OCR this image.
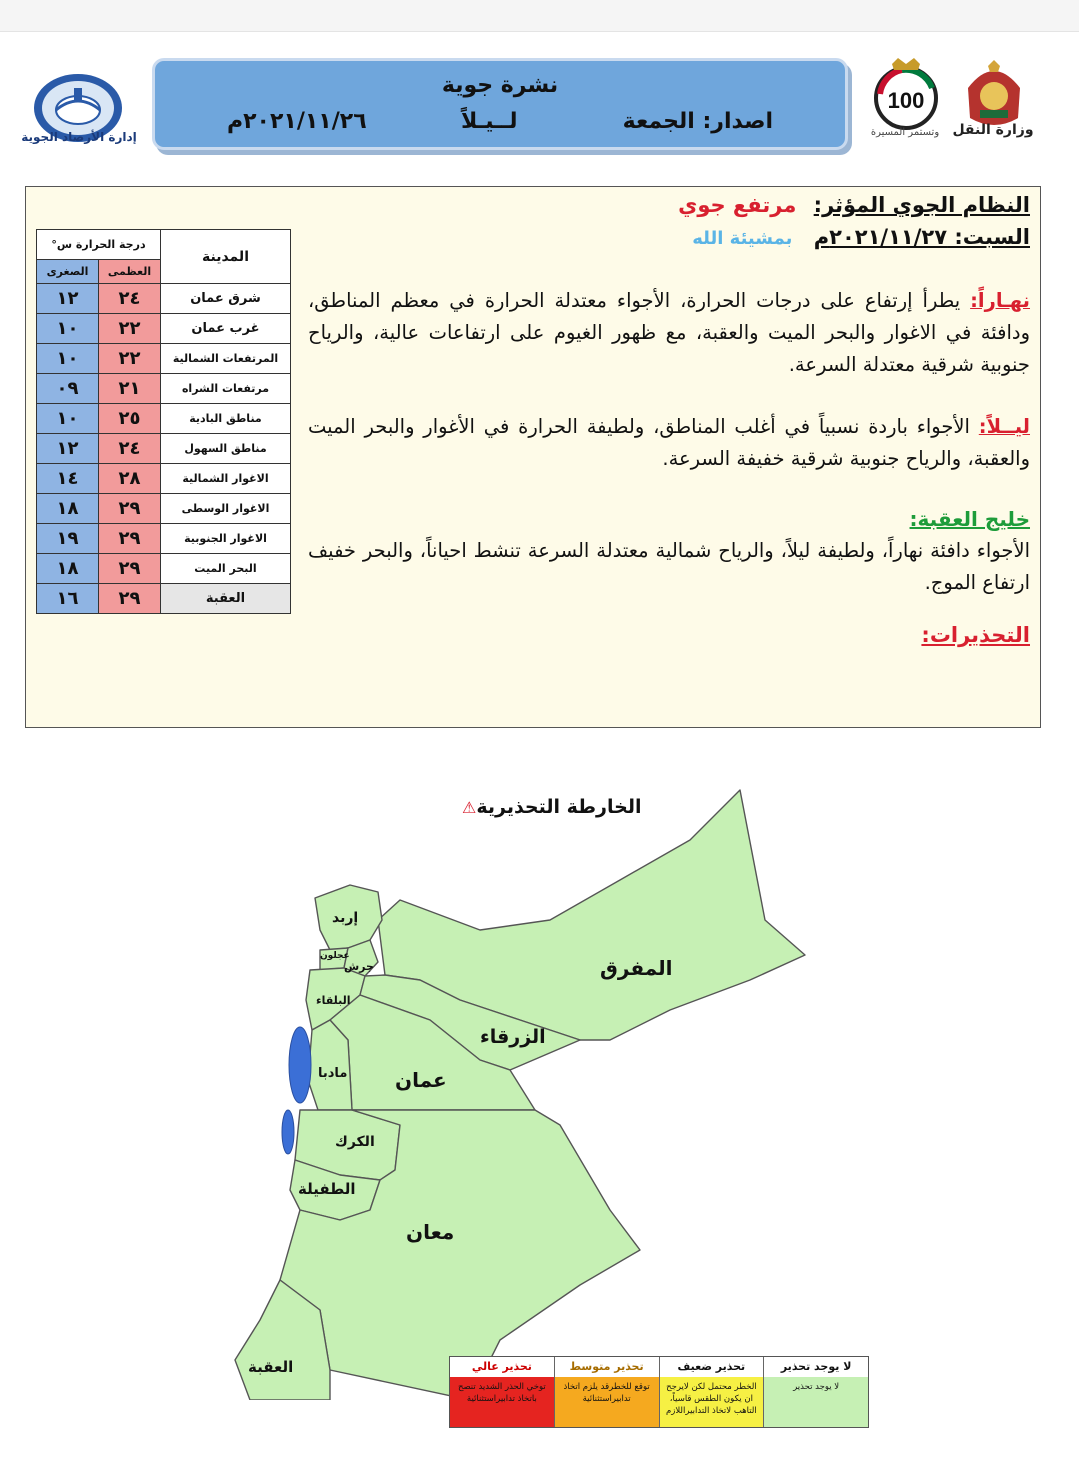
إدارة الأرصاد الجوية
100
وتستمر المسيرة وزارة النقل
نشرة جوية
اصدار: الجمعة
لــيـلاً
٢٠٢١/١١/٢٦م
النظام الجوي المؤثر: مرتفع جوي
السبت: ٢٠٢١/١١/٢٧م بمشيئة الله
نهـاراً: يطرأ إرتفاع على درجات الحرارة، الأجواء معتدلة الحرارة في معظم المناطق، ودافئة في الاغوار والبحر الميت والعقبة، مع ظهور الغيوم على ارتفاعات عالية، والرياح جنوبية شرقية معتدلة السرعة.
ليــلاً: الأجواء باردة نسبياً في أغلب المناطق، ولطيفة الحرارة في الأغوار والبحر الميت والعقبة، والرياح جنوبية شرقية خفيفة السرعة.
خليج العقبة:
الأجواء دافئة نهاراً، ولطيفة ليلاً، والرياح شمالية معتدلة السرعة تنشط احياناً، والبحر خفيف ارتفاع الموج.
التحذيرات:
المدينة	درجة الحرارة س°	
	العظمى	الصغرى
شرق عمان	٢٤	١٢
غرب عمان	٢٢	١٠
المرتفعات الشمالية	٢٢	١٠
مرتفعات الشراه	٢١	٠٩
مناطق البادية	٢٥	١٠
مناطق السهول	٢٤	١٢
الاغوار الشمالية	٢٨	١٤
الاغوار الوسطى	٢٩	١٨
الاغوار الجنوبية	٢٩	١٩
البحر الميت	٢٩	١٨
العقبة	٢٩	١٦
الخارطة التحذيرية⚠
إربد
عجلون
جرش
البلقاء
المفرق
الزرقاء
مادبا عمان
الكرك
الطفيلة
معان
العقبة	لا يوجد تحذير
لا يوجد تحذير
تحذير ضعيف
الخطر محتمل لكن لايرجح ان يكون الطقس قاسياً، التاهب لاتخاذ التدابيراللازم
تحذير متوسط
توقع للخطرقد يلزم اتخاذ تدابيراستثنائية
تحذير عالي
توخي الحذر الشديد تنصح باتخاذ تدابيراستثنائية
